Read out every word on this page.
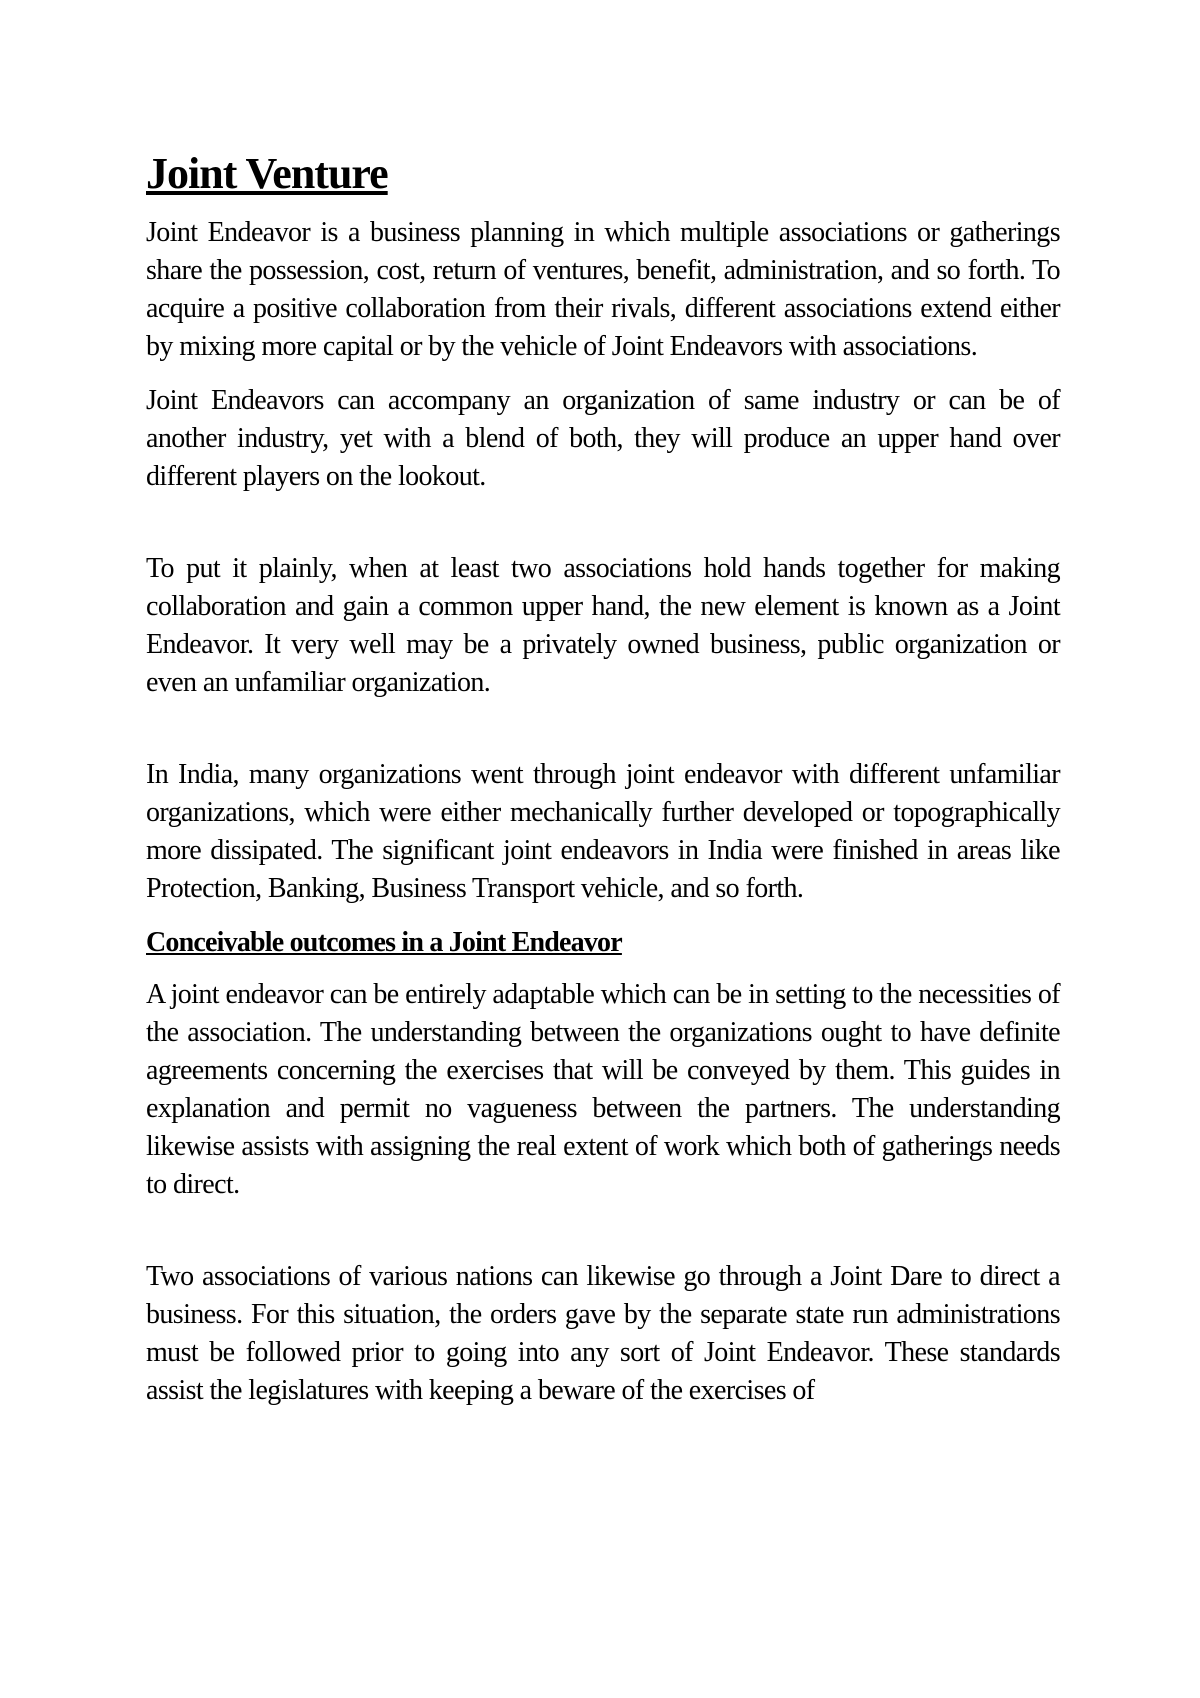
Joint Venture

Joint Endeavor is a business planning in which multiple associations or gatherings share the possession, cost, return of ventures, benefit, administration, and so forth. To acquire a positive collaboration from their rivals, different associations extend either by mixing more capital or by the vehicle of Joint Endeavors with associations.

Joint Endeavors can accompany an organization of same industry or can be of another industry, yet with a blend of both, they will produce an upper hand over different players on the lookout.

To put it plainly, when at least two associations hold hands together for making collaboration and gain a common upper hand, the new element is known as a Joint Endeavor. It very well may be a privately owned business, public organization or even an unfamiliar organization.

In India, many organizations went through joint endeavor with different unfamiliar organizations, which were either mechanically further developed or topographically more dissipated. The significant joint endeavors in India were finished in areas like Protection, Banking, Business Transport vehicle, and so forth.

Conceivable outcomes in a Joint Endeavor

A joint endeavor can be entirely adaptable which can be in setting to the necessities of the association. The understanding between the organizations ought to have definite agreements concerning the exercises that will be conveyed by them. This guides in explanation and permit no vagueness between the partners. The understanding likewise assists with assigning the real extent of work which both of gatherings needs to direct.

Two associations of various nations can likewise go through a Joint Dare to direct a business. For this situation, the orders gave by the separate state run administrations must be followed prior to going into any sort of Joint Endeavor. These standards assist the legislatures with keeping a beware of the exercises of
